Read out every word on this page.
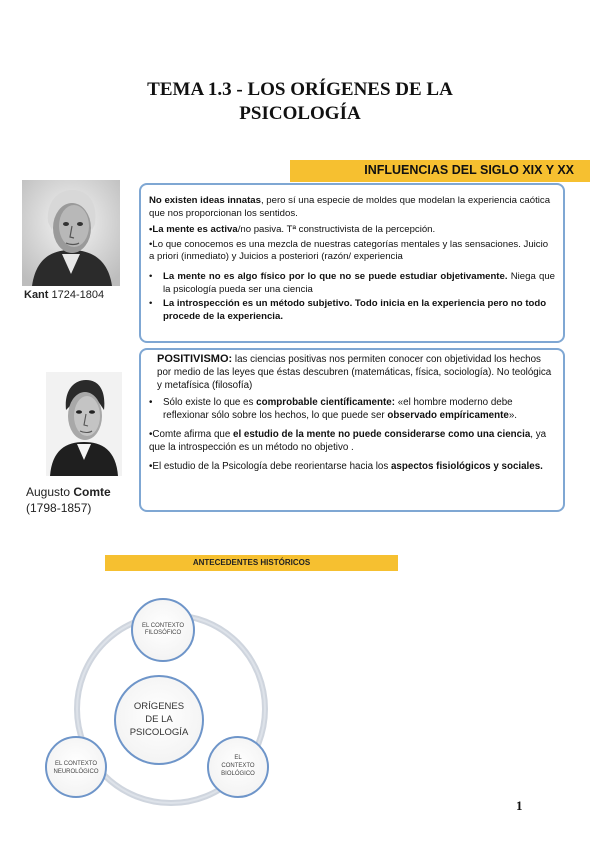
TEMA 1.3 - LOS ORÍGENES DE LA
PSICOLOGÍA
INFLUENCIAS DEL SIGLO XIX Y XX
Kant 1724-1804

No existen ideas innatas, pero sí una especie de moldes que modelan la experiencia caótica que nos proporcionan los sentidos.

•La mente es activa/no pasiva. Tª constructivista de la percepción.

•Lo que conocemos es una mezcla de nuestras categorías mentales y las sensaciones. Juicio a priori (inmediato) y Juicios a posteriori (razón/ experiencia

•	La mente no es algo físico por lo que no se puede estudiar objetivamente. Niega que la psicología pueda ser una ciencia
•	La introspección es un método subjetivo. Todo inicia en la experiencia pero no todo procede de la experiencia.
Augusto Comte
(1798-1857)

POSITIVISMO: las ciencias positivas nos permiten conocer con objetividad los hechos por medio de las leyes que éstas descubren (matemáticas, física, sociología). No teológica y metafísica (filosofía)

•	Sólo existe lo que es comprobable científicamente: «el hombre moderno debe reflexionar sólo sobre los hechos, lo que puede ser observado empíricamente».

•Comte afirma que el estudio de la mente no puede considerarse como una ciencia, ya que la introspección es un método no objetivo .

•El estudio de la Psicología debe reorientarse hacia los aspectos fisiológicos y sociales.

ANTECEDENTES HISTÓRICOS
ORÍGENES
DE LA
PSICOLOGÍA
EL CONTEXTO
FILOSÓFICO
EL
CONTEXTO
BIOLÓGICO
EL CONTEXTO
NEUROLÓGICO
1
